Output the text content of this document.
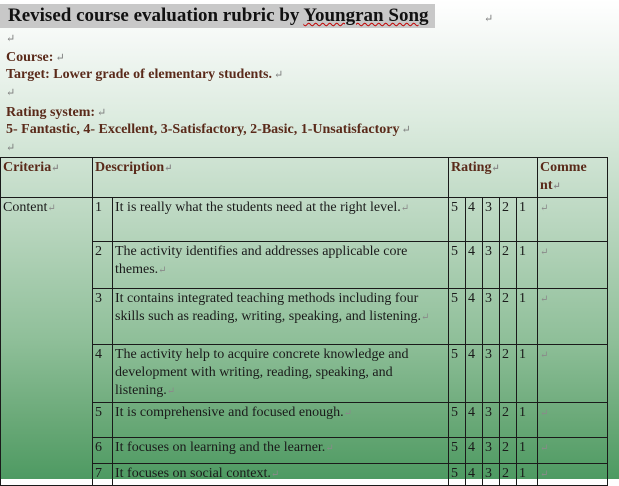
Revised course evaluation rubric by Youngran Song	↵
↵
Course: ↵
Target: Lower grade of elementary students. ↵
↵
Rating system: ↵
5- Fantastic, 4- Excellent, 3-Satisfactory, 2-Basic, 1-Unsatisfactory ↵
↵
Criteria↵	Description↵		Rating↵					Comme
nt↵
Content↵	1	It is really what the students need at the right level.↵	5	4	3	2	1	↵
	2	The activity identifies and addresses applicable core themes.↵	5	4	3	2	1	↵
	3	It contains integrated teaching methods including four skills such as reading, writing, speaking, and listening.↵	5	4	3	2	1	↵
	4	The activity help to acquire concrete knowledge and development with writing, reading, speaking, and listening.↵	5	4	3	2	1	↵
	5	It is comprehensive and focused enough.↵	5	4	3	2	1	↵
	6	It focuses on learning and the learner.↵	5	4	3	2	1	↵
	7	It focuses on social context.↵	5	4	3	2	1	↵
